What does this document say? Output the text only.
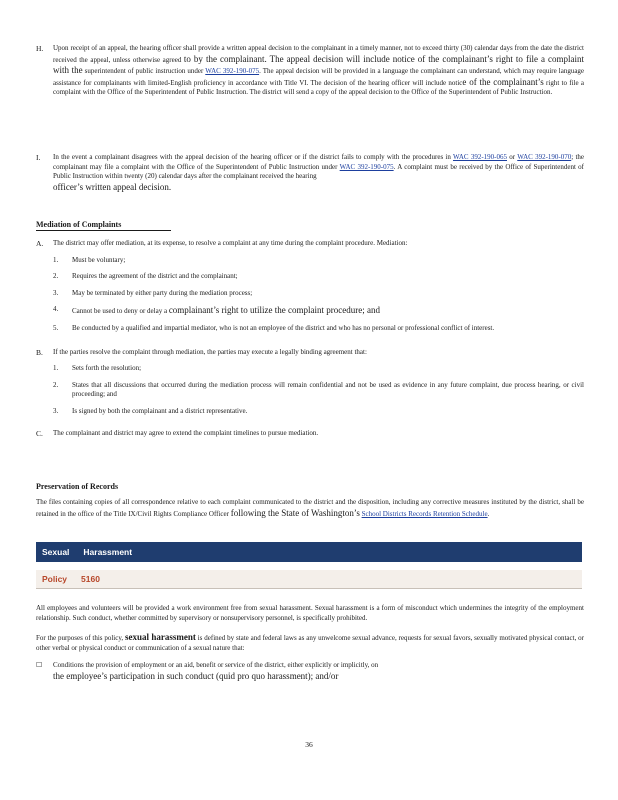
H. Upon receipt of an appeal, the hearing officer shall provide a written appeal decision to the complainant in a timely manner, not to exceed thirty (30) calendar days from the date the district received the appeal, unless otherwise agreed to by the complainant. The appeal decision will include notice of the complainant’s right to file a complaint with the superintendent of public instruction under WAC 392-190-075. The appeal decision will be provided in a language the complainant can understand, which may require language assistance for complainants with limited-English proficiency in accordance with Title VI. The decision of the hearing officer will include notice of the complainant’s right to file a complaint with the Office of the Superintendent of Public Instruction. The district will send a copy of the appeal decision to the Office of the Superintendent of Public Instruction.

I. In the event a complainant disagrees with the appeal decision of the hearing officer or if the district fails to comply with the procedures in WAC 392-190-065 or WAC 392-190-070; the complainant may file a complaint with the Office of the Superintendent of Public Instruction under WAC 392-190-075. A complaint must be received by the Office of Superintendent of Public Instruction within twenty (20) calendar days after the complainant received the hearing

officer’s written appeal decision.

Mediation of Complaints

A. The district may offer mediation, at its expense, to resolve a complaint at any time during the complaint procedure. Mediation:

1. Must be voluntary;
2. Requires the agreement of the district and the complainant;
3. May be terminated by either party during the mediation process;
4. Cannot be used to deny or delay a complainant’s right to utilize the complaint procedure; and
5. Be conducted by a qualified and impartial mediator, who is not an employee of the district and who has no personal or professional conflict of interest.
B. If the parties resolve the complaint through mediation, the parties may execute a legally binding agreement that:

1. Sets forth the resolution;
2. States that all discussions that occurred during the mediation process will remain confidential and not be used as evidence in any future complaint, due process hearing, or civil proceeding; and
3. Is signed by both the complainant and a district representative.
C. The complainant and district may agree to extend the complaint timelines to pursue mediation.

Preservation of Records

The files containing copies of all correspondence relative to each complaint communicated to the district and the disposition, including any corrective measures instituted by the district, shall be retained in the office of the Title IX/Civil Rights Compliance Officer following the State of Washington’s School Districts Records Retention Schedule.

Sexual Harassment
Policy 5160

All employees and volunteers will be provided a work environment free from sexual harassment. Sexual harassment is a form of misconduct which undermines the integrity of the employment relationship. Such conduct, whether committed by supervisory or nonsupervisory personnel, is specifically prohibited.

For the purposes of this policy, sexual harassment is defined by state and federal laws as any unwelcome sexual advance, requests for sexual favors, sexually motivated physical contact, or other verbal or physical conduct or communication of a sexual nature that:

☐ Conditions the provision of employment or an aid, benefit or service of the district, either explicitly or implicitly, on

the employee’s participation in such conduct (quid pro quo harassment); and/or

36
